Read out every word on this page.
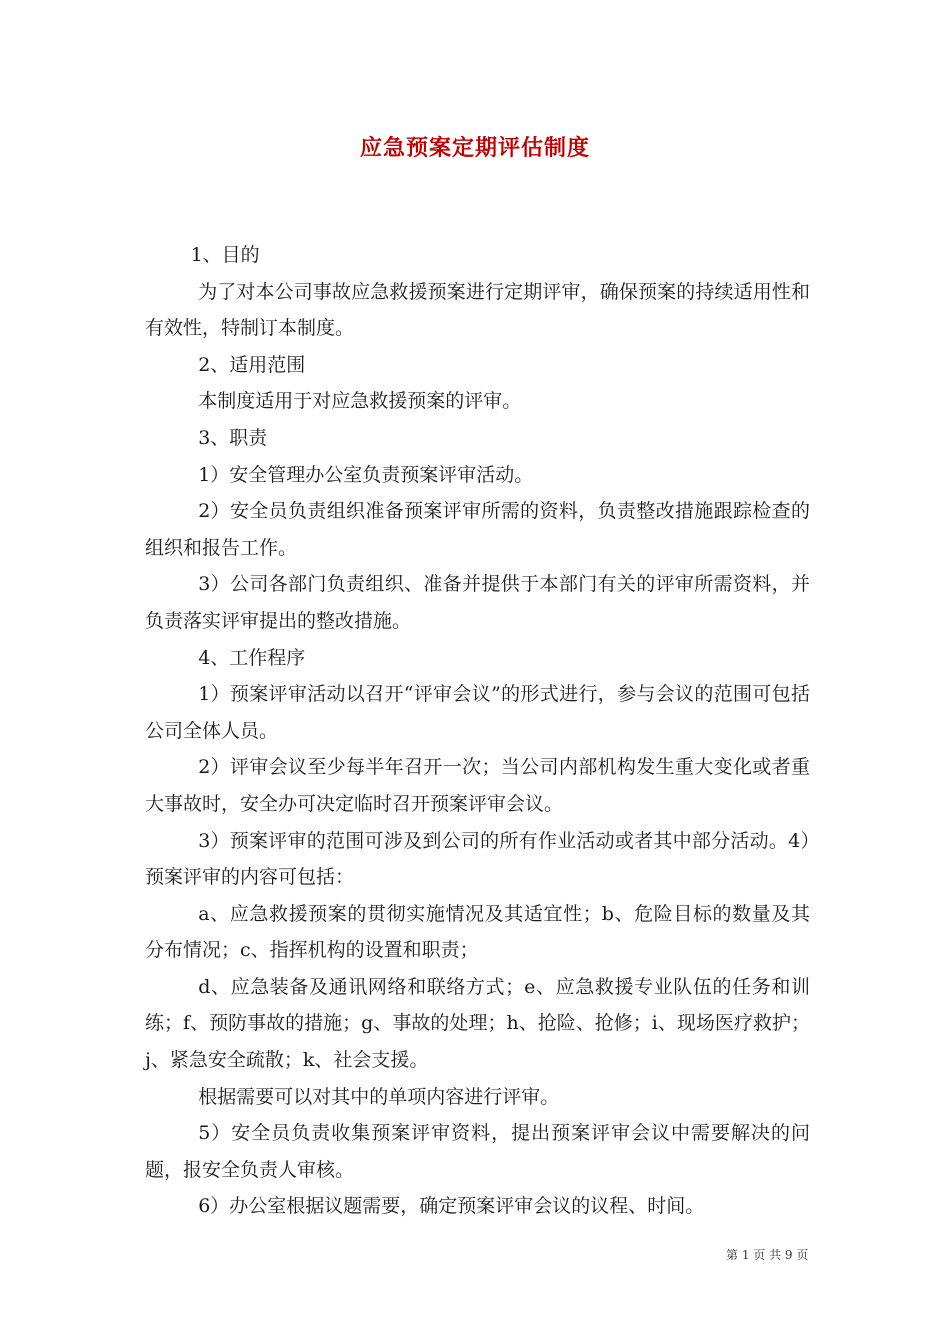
应急预案定期评估制度

1、目的

为了对本公司事故应急救援预案进行定期评审，确保预案的持续适用性和有效性，特制订本制度。

2、适用范围

本制度适用于对应急救援预案的评审。

3、职责

1）安全管理办公室负责预案评审活动。

2）安全员负责组织准备预案评审所需的资料，负责整改措施跟踪检查的组织和报告工作。

3）公司各部门负责组织、准备并提供于本部门有关的评审所需资料，并负责落实评审提出的整改措施。

4、工作程序

1）预案评审活动以召开“评审会议”的形式进行，参与会议的范围可包括公司全体人员。

2）评审会议至少每半年召开一次；当公司内部机构发生重大变化或者重大事故时，安全办可决定临时召开预案评审会议。

3）预案评审的范围可涉及到公司的所有作业活动或者其中部分活动。4）预案评审的内容可包括：

a、应急救援预案的贯彻实施情况及其适宜性；b、危险目标的数量及其分布情况；c、指挥机构的设置和职责；

d、应急装备及通讯网络和联络方式；e、应急救援专业队伍的任务和训练；f、预防事故的措施；g、事故的处理；h、抢险、抢修；i、现场医疗救护；j、紧急安全疏散；k、社会支援。

根据需要可以对其中的单项内容进行评审。

5）安全员负责收集预案评审资料，提出预案评审会议中需要解决的问题，报安全负责人审核。

6）办公室根据议题需要，确定预案评审会议的议程、时间。

第 1 页 共 9 页
